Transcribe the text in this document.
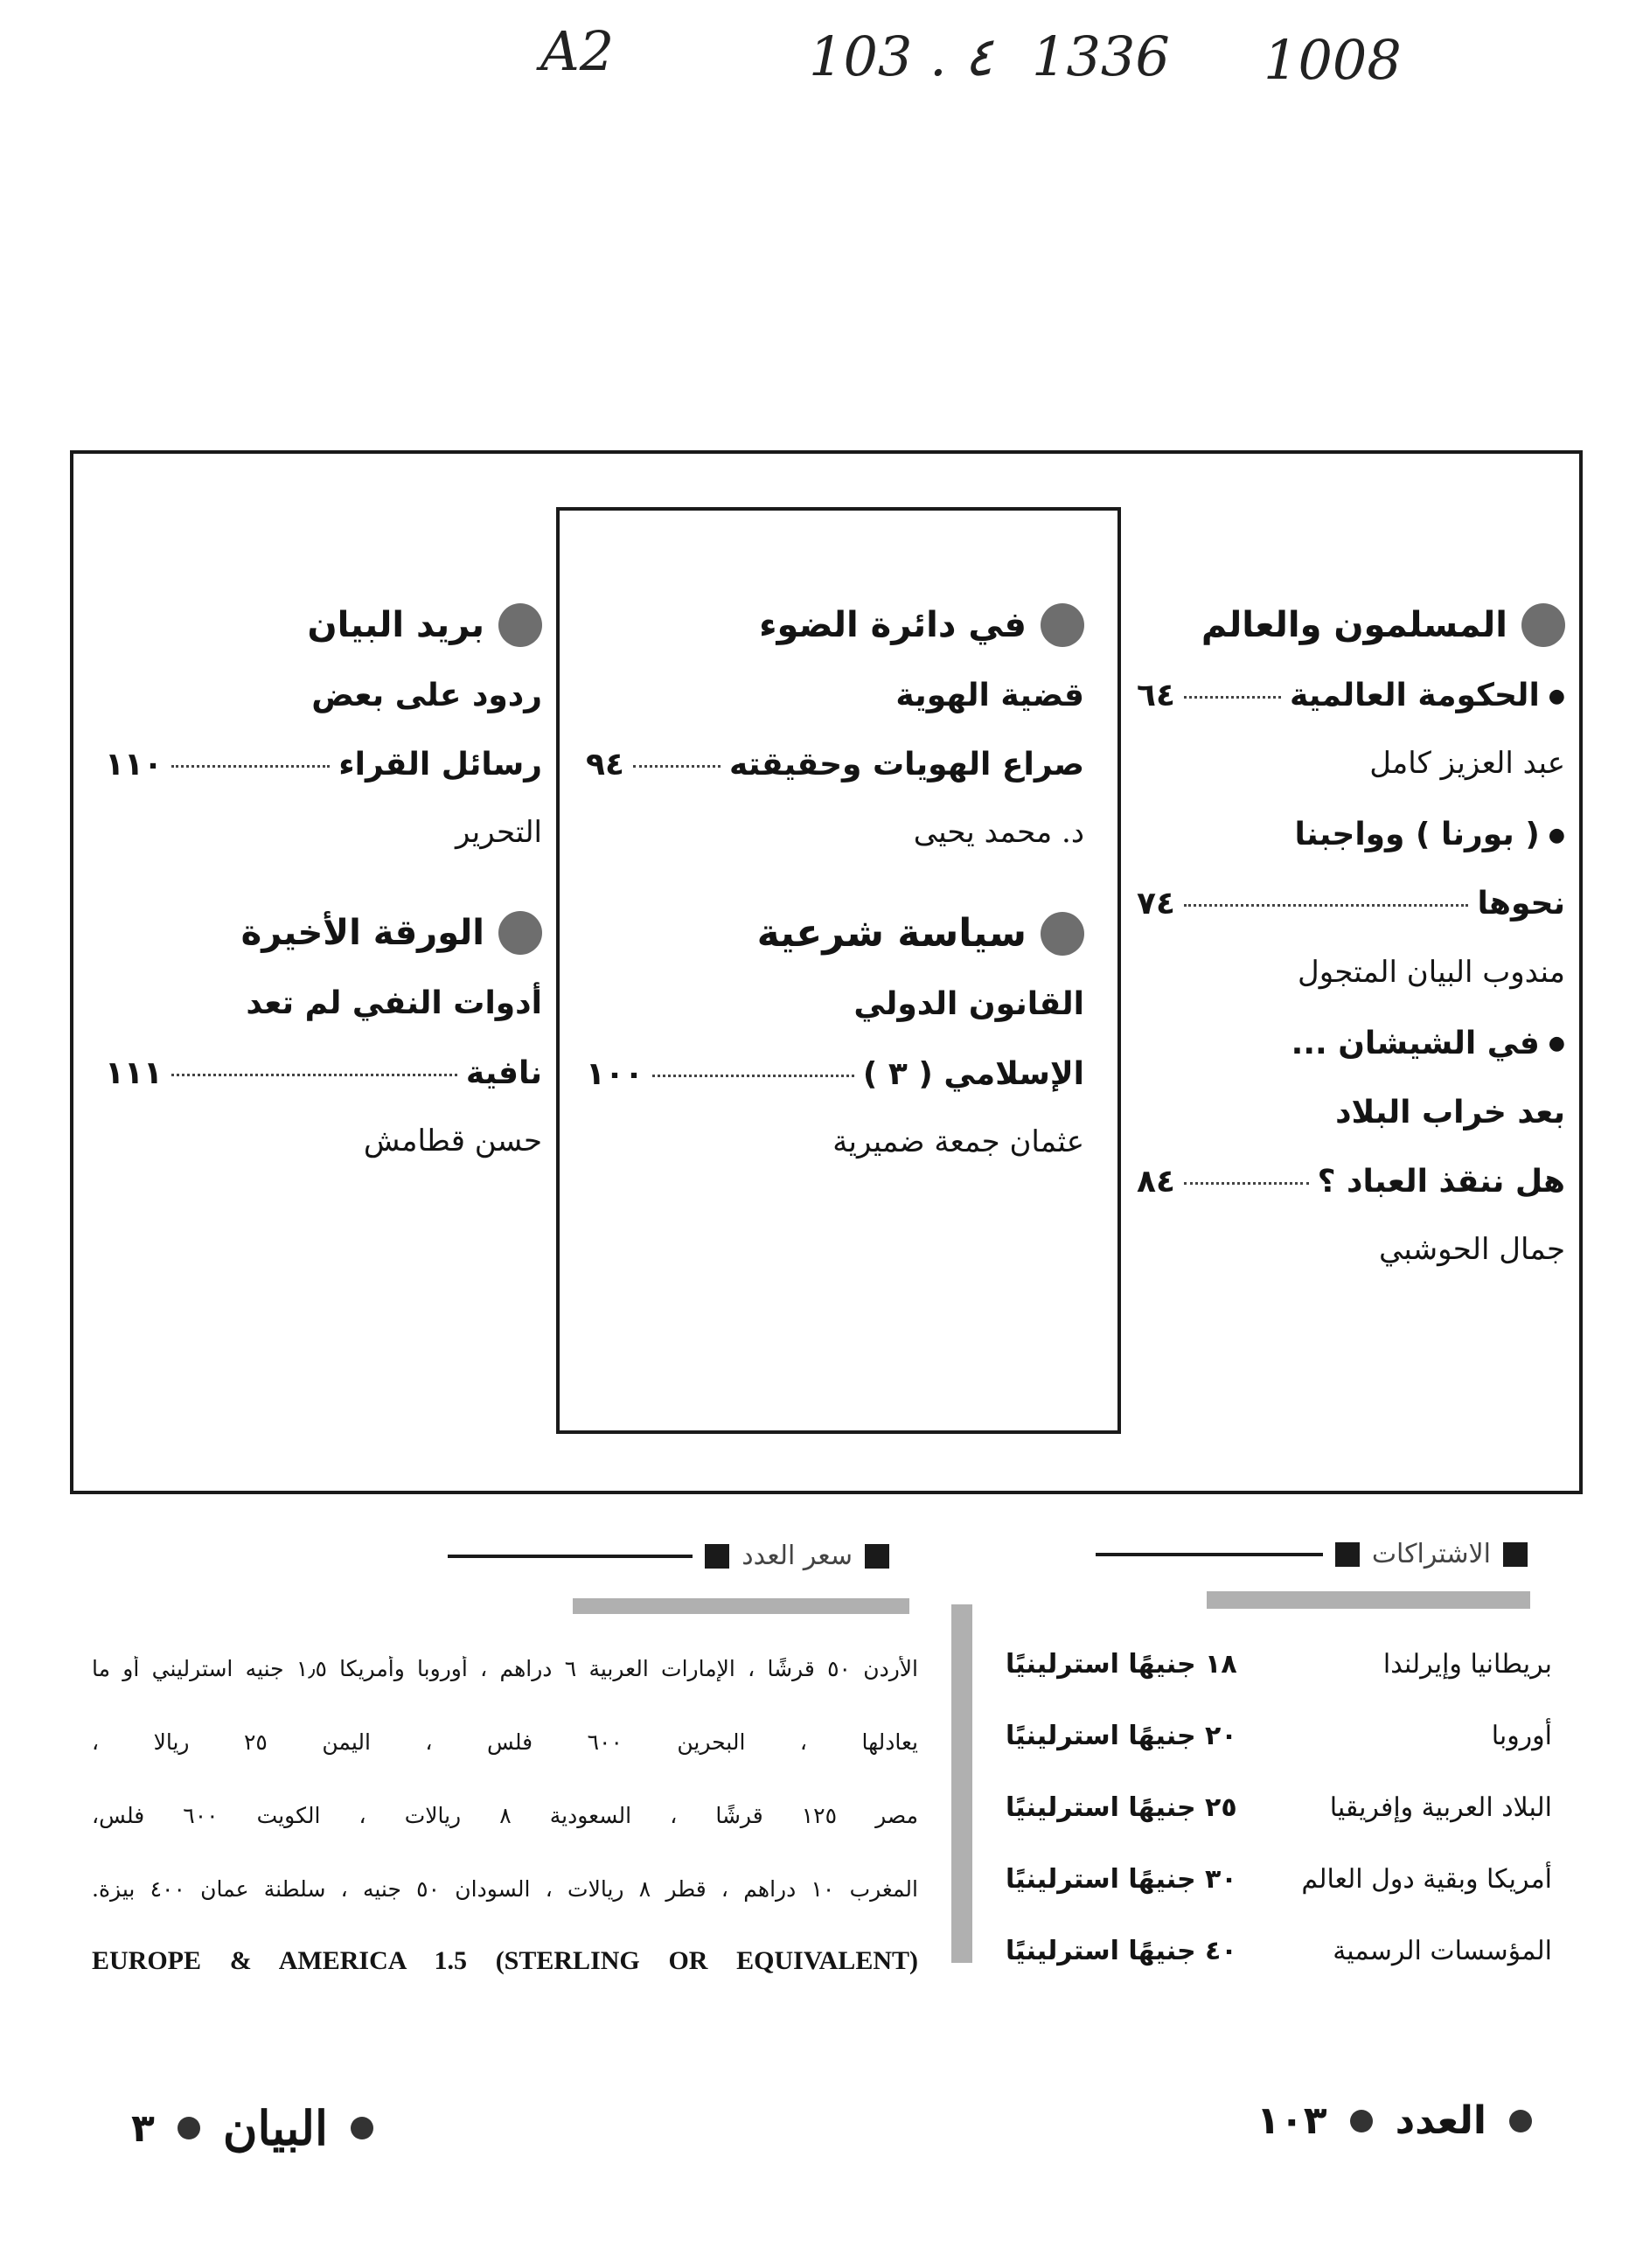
A2	103 . ٤ 1336 1008
المسلمون والعالم
● الحكومة العالمية
٦٤
عبد العزيز كامل
● ( بورنا ) وواجبنا
نحوها
٧٤
مندوب البيان المتجول
● في الشيشان ...
بعد خراب البلاد
هل ننقذ العباد ؟
٨٤
جمال الحوشبي
في دائرة الضوء
قضية الهوية
صراع الهويات وحقيقته
٩٤
د. محمد يحيى
سياسة شرعية
القانون الدولي
الإسلامي ( ٣ )
١٠٠
عثمان جمعة ضميرية
بريد البيان
ردود على بعض
رسائل القراء
١١٠
التحرير
الورقة الأخيرة
أدوات النفي لم تعد
نافية
١١١
حسن قطامش
الاشتراكات
بريطانيا وإيرلندا
١٨ جنيهًا استرلينيًا
أوروبا
٢٠ جنيهًا استرلينيًا
البلاد العربية وإفريقيا
٢٥ جنيهًا استرلينيًا
أمريكا وبقية دول العالم
٣٠ جنيهًا استرلينيًا
المؤسسات الرسمية
٤٠ جنيهًا استرلينيًا
سعر العدد
الأردن ٥٠ قرشًا ، الإمارات العربية ٦ دراهم ، أوروبا وأمريكا ١٫٥ جنيه استرليني أو ما
يعادلها ، البحرين ٦٠٠ فلس ، اليمن ٢٥ ريالا ،
مصر ١٢٥ قرشًا ، السعودية ٨ ريالات ، الكويت ٦٠٠ فلس،
المغرب ١٠ دراهم ، قطر ٨ ريالات ، السودان ٥٠ جنيه ، سلطنة عمان ٤٠٠ بيزة.
EUROPE & AMERICA 1.5 (STERLING OR EQUIVALENT)
العدد
١٠٣
البيان
٣
